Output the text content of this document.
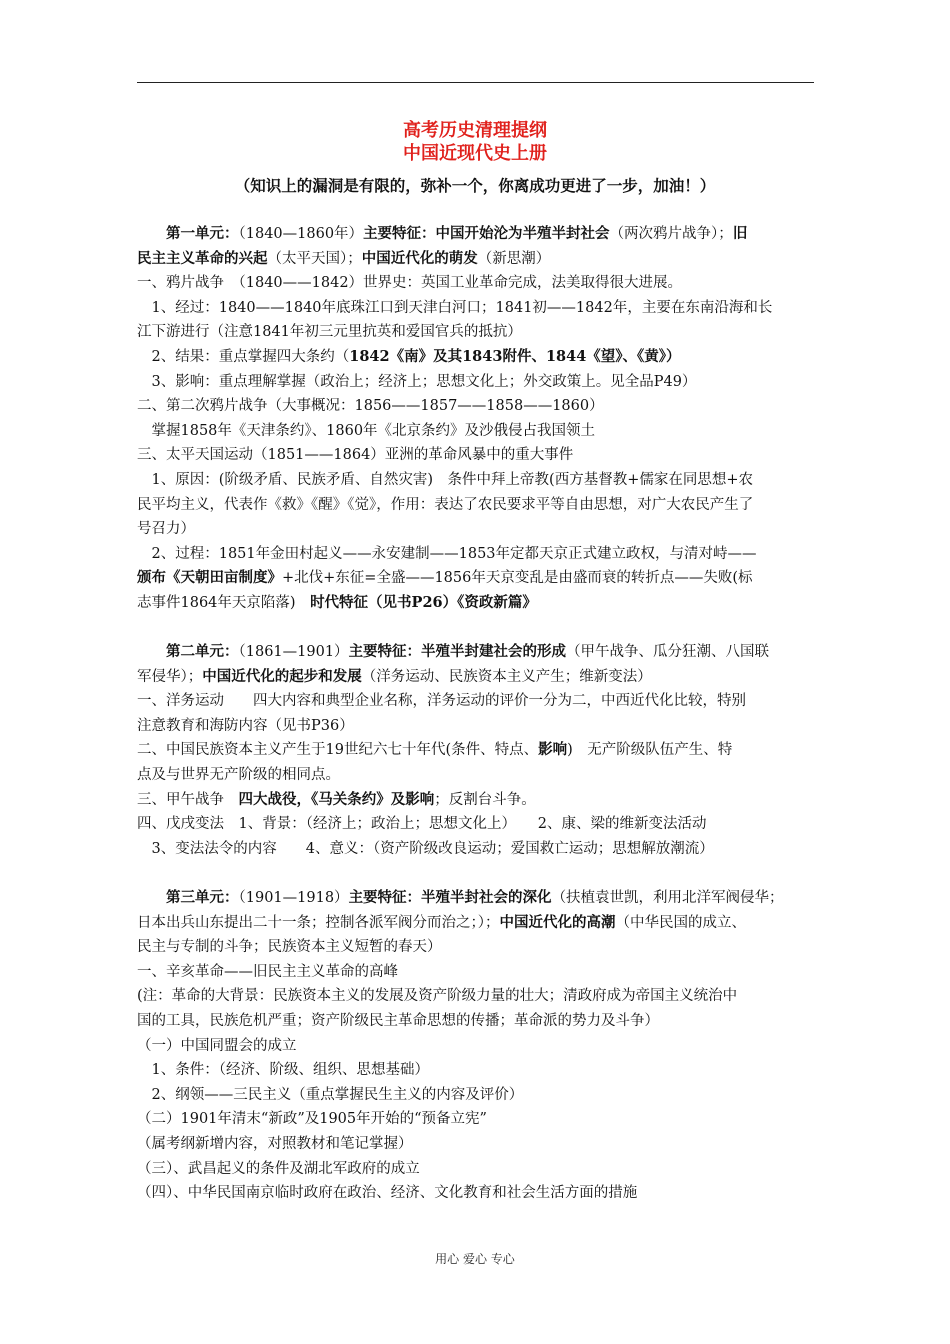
高考历史清理提纲
中国近现代史上册
（知识上的漏洞是有限的，弥补一个，你离成功更进了一步，加油！）
　　第一单元：（1840—1860年）主要特征：中国开始沦为半殖半封社会（两次鸦片战争）；旧
民主主义革命的兴起（太平天国）；中国近代化的萌发（新思潮）
一、鸦片战争　（1840——1842）世界史：英国工业革命完成，法美取得很大进展。
　1、经过：1840——1840年底珠江口到天津白河口；1841初——1842年，主要在东南沿海和长
江下游进行（注意1841年初三元里抗英和爱国官兵的抵抗）
　2、结果：重点掌握四大条约（1842《南》及其1843附件、1844《望》、《黄》）
　3、影响：重点理解掌握（政治上；经济上；思想文化上；外交政策上。见全品P49）
二、第二次鸦片战争（大事概况：1856——1857——1858——1860）
　掌握1858年《天津条约》、1860年《北京条约》及沙俄侵占我国领土
三、太平天国运动（1851——1864）亚洲的革命风暴中的重大事件
　1、原因：(阶级矛盾、民族矛盾、自然灾害)　条件中拜上帝教(西方基督教+儒家在同思想+农
民平均主义，代表作《救》《醒》《觉》，作用：表达了农民要求平等自由思想，对广大农民产生了
号召力）
　2、过程：1851年金田村起义——永安建制——1853年定都天京正式建立政权，与清对峙——
颁布《天朝田亩制度》+北伐+东征=全盛——1856年天京变乱是由盛而衰的转折点——失败(标
志事件1864年天京陷落)　时代特征（见书P26）《资政新篇》
　　第二单元：（1861—1901）主要特征：半殖半封建社会的形成（甲午战争、瓜分狂潮、八国联
军侵华）；中国近代化的起步和发展（洋务运动、民族资本主义产生；维新变法）
一、洋务运动　　四大内容和典型企业名称，洋务运动的评价一分为二，中西近代化比较，特别
注意教育和海防内容（见书P36）
二、中国民族资本主义产生于19世纪六七十年代(条件、特点、影响)　无产阶级队伍产生、特
点及与世界无产阶级的相同点。
三、甲午战争　四大战役，《马关条约》及影响；反割台斗争。
四、戊戌变法　1、背景：（经济上；政治上；思想文化上）　　2、康、梁的维新变法活动
　3、变法法令的内容　　4、意义：（资产阶级改良运动；爱国救亡运动；思想解放潮流）
　　第三单元：（1901—1918）主要特征：半殖半封社会的深化（扶植袁世凯，利用北洋军阀侵华；
日本出兵山东提出二十一条；控制各派军阀分而治之；）；中国近代化的高潮（中华民国的成立、
民主与专制的斗争；民族资本主义短暂的春天）
一、辛亥革命——旧民主主义革命的高峰
(注：革命的大背景：民族资本主义的发展及资产阶级力量的壮大；清政府成为帝国主义统治中
国的工具，民族危机严重；资产阶级民主革命思想的传播；革命派的势力及斗争）
（一）中国同盟会的成立
　1、条件：（经济、阶级、组织、思想基础）
　2、纲领——三民主义（重点掌握民生主义的内容及评价）
（二）1901年清末“新政”及1905年开始的“预备立宪”
（属考纲新增内容，对照教材和笔记掌握）
（三）、武昌起义的条件及湖北军政府的成立
（四）、中华民国南京临时政府在政治、经济、文化教育和社会生活方面的措施
用心 爱心 专心
